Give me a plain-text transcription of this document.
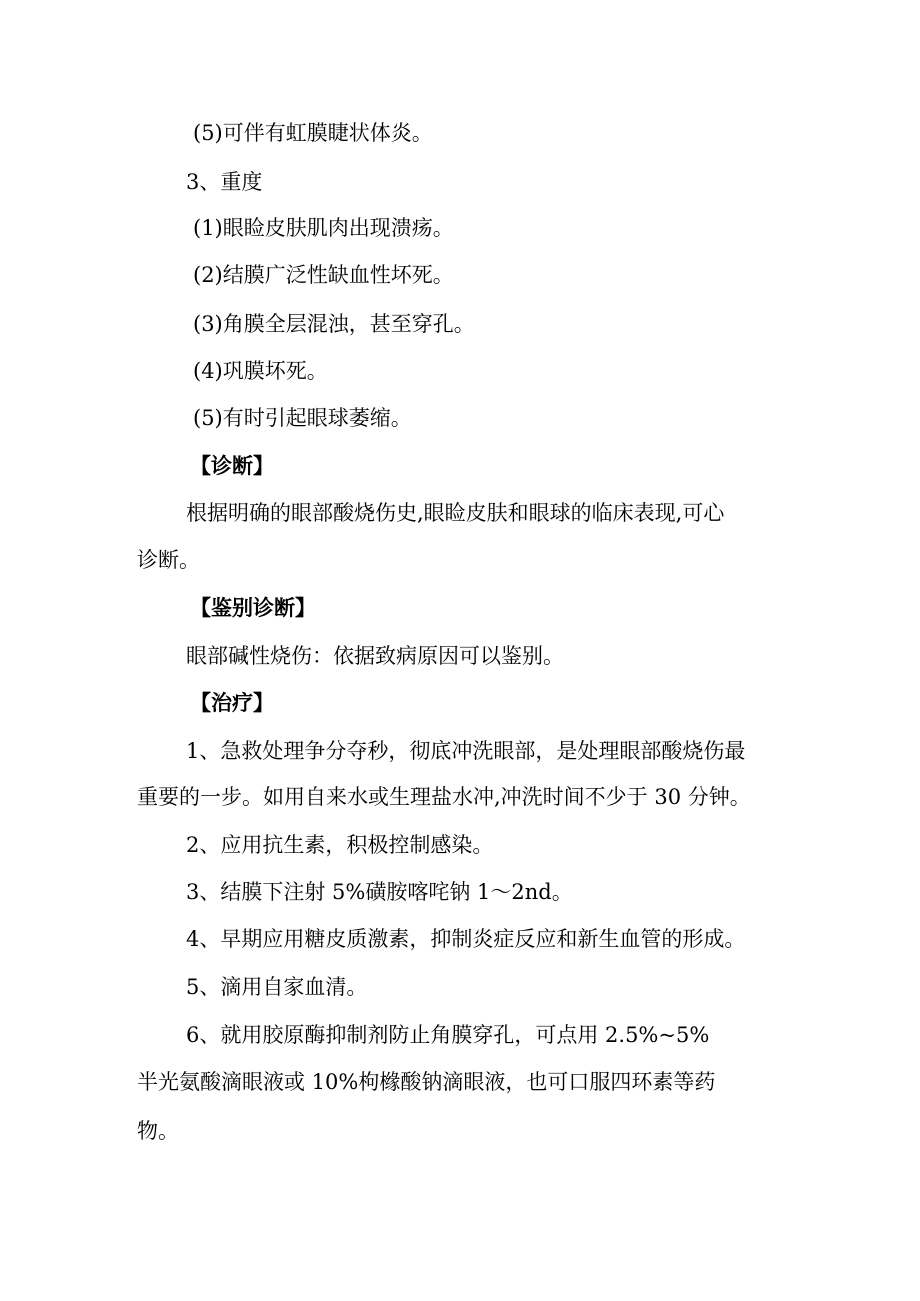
(5)可伴有虹膜睫状体炎。

3、重度

(1)眼睑皮肤肌肉出现溃疡。

(2)结膜广泛性缺血性坏死。

(3)角膜全层混浊，甚至穿孔。

(4)巩膜坏死。

(5)有时引起眼球萎缩。

【诊断】

根据明确的眼部酸烧伤史,眼睑皮肤和眼球的临床表现,可心

诊断。

【鉴别诊断】

眼部碱性烧伤：依据致病原因可以鉴别。

【治疗】

1、急救处理争分夺秒，彻底冲洗眼部，是处理眼部酸烧伤最

重要的一步。如用自来水或生理盐水冲,冲洗时间不少于 30 分钟。

2、应用抗生素，积极控制感染。

3、结膜下注射 5%磺胺喀咤钠 1～2nd。

4、早期应用糖皮质激素，抑制炎症反应和新生血管的形成。

5、滴用自家血清。

6、就用胶原酶抑制剂防止角膜穿孔，可点用 2.5%~5%

半光氨酸滴眼液或 10%枸橼酸钠滴眼液，也可口服四环素等药

物。
